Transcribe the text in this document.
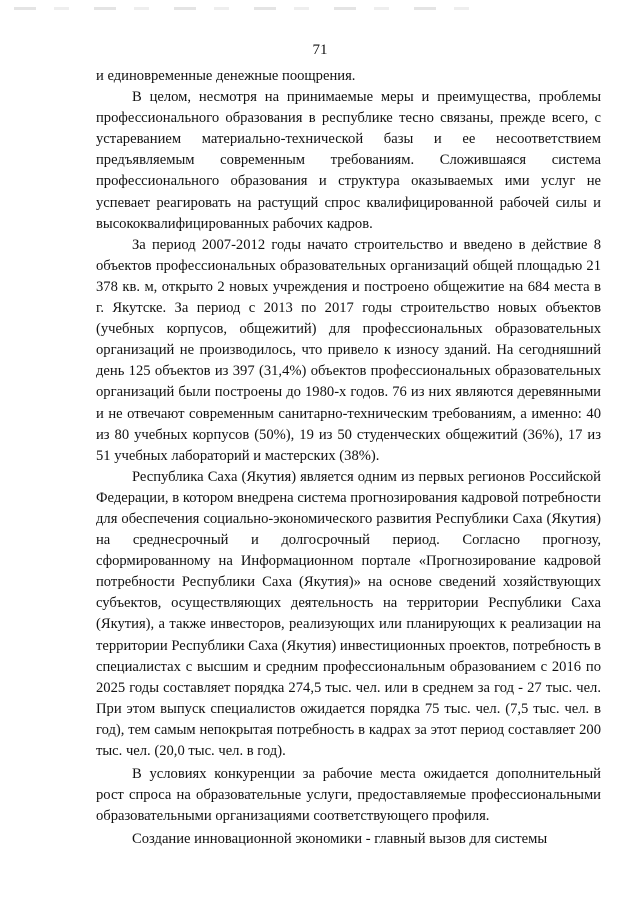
71

и единовременные денежные поощрения.

В целом, несмотря на принимаемые меры и преимущества, проблемы профессионального образования в республике тесно связаны, прежде всего, с устареванием материально-технической базы и ее несоответствием предъявляемым современным требованиям. Сложившаяся система профессионального образования и структура оказываемых ими услуг не успевает реагировать на растущий спрос квалифицированной рабочей силы и высококвалифицированных рабочих кадров.

За период 2007-2012 годы начато строительство и введено в действие 8 объектов профессиональных образовательных организаций общей площадью 21 378 кв. м, открыто 2 новых учреждения и построено общежитие на 684 места в г. Якутске. За период с 2013 по 2017 годы строительство новых объектов (учебных корпусов, общежитий) для профессиональных образовательных организаций не производилось, что привело к износу зданий. На сегодняшний день 125 объектов из 397 (31,4%) объектов профессиональных образовательных организаций были построены до 1980-х годов. 76 из них являются деревянными и не отвечают современным санитарно-техническим требованиям, а именно: 40 из 80 учебных корпусов (50%), 19 из 50 студенческих общежитий (36%), 17 из 51 учебных лабораторий и мастерских (38%).

Республика Саха (Якутия) является одним из первых регионов Российской Федерации, в котором внедрена система прогнозирования кадровой потребности для обеспечения социально-экономического развития Республики Саха (Якутия) на среднесрочный и долгосрочный период. Согласно прогнозу, сформированному на Информационном портале «Прогнозирование кадровой потребности Республики Саха (Якутия)» на основе сведений хозяйствующих субъектов, осуществляющих деятельность на территории Республики Саха (Якутия), а также инвесторов, реализующих или планирующих к реализации на территории Республики Саха (Якутия) инвестиционных проектов, потребность в специалистах с высшим и средним профессиональным образованием с 2016 по 2025 годы составляет порядка 274,5 тыс. чел. или в среднем за год - 27 тыс. чел. При этом выпуск специалистов ожидается порядка 75 тыс. чел. (7,5 тыс. чел. в год), тем самым непокрытая потребность в кадрах за этот период составляет 200 тыс. чел. (20,0 тыс. чел. в год).

В условиях конкуренции за рабочие места ожидается дополнительный рост спроса на образовательные услуги, предоставляемые профессиональными образовательными организациями соответствующего профиля.

Создание инновационной экономики - главный вызов для системы
